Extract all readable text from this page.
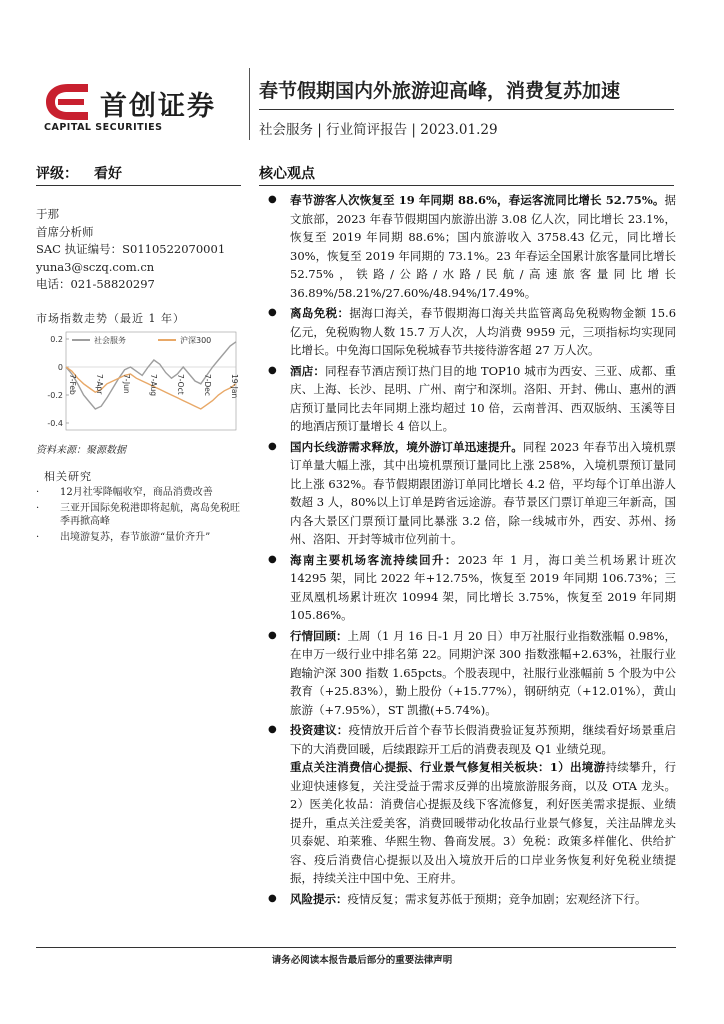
首创证券
CAPITAL SECURITIES
春节假期国内外旅游迎高峰，消费复苏加速
社会服务 | 行业简评报告 | 2023.01.29
评级： 看好
于那
首席分析师
SAC 执证编号：S0110522070001
yuna3@sczq.com.cn
电话：021-58820297
市场指数走势（最近 1 年）
0.2
0
-0.2
-0.4
7-Feb 7-Apr 7-Jun 7-Aug 7-Oct 7-Dec 19-Jan
社会服务	沪深300
资料来源：聚源数据
相关研究
· 12月社零降幅收窄，商品消费改善
· 三亚开国际免税港即将起航，离岛免税旺季再掀高峰
· 出境游复苏，春节旅游“量价齐升”
核心观点
● 春节游客人次恢复至 19 年同期 88.6%，春运客流同比增长 52.75%。据文旅部，2023 年春节假期国内旅游出游 3.08 亿人次，同比增长 23.1%，恢复至 2019 年同期 88.6%；国内旅游收入 3758.43 亿元，同比增长 30%，恢复至 2019 年同期的 73.1%。23 年春运全国累计旅客量同比增长 52.75%，铁路/公路/水路/民航/高速旅客量同比增长 36.89%/58.21%/27.60%/48.94%/17.49%。
● 离岛免税：据海口海关，春节假期海口海关共监管离岛免税购物金额 15.6 亿元，免税购物人数 15.7 万人次，人均消费 9959 元，三项指标均实现同比增长。中免海口国际免税城春节共接待游客超 27 万人次。
● 酒店：同程春节酒店预订热门目的地 TOP10 城市为西安、三亚、成都、重庆、上海、长沙、昆明、广州、南宁和深圳。洛阳、开封、佛山、惠州的酒店预订量同比去年同期上涨均超过 10 倍，云南普洱、西双版纳、玉溪等目的地酒店预订量增长 4 倍以上。
● 国内长线游需求释放，境外游订单迅速提升。同程 2023 年春节出入境机票订单量大幅上涨，其中出境机票预订量同比上涨 258%，入境机票预订量同比上涨 632%。春节假期跟团游订单同比增长 4.2 倍，平均每个订单出游人数超 3 人，80%以上订单是跨省远途游。春节景区门票订单迎三年新高，国内各大景区门票预订量同比暴涨 3.2 倍，除一线城市外，西安、苏州、扬州、洛阳、开封等城市位列前十。
● 海南主要机场客流持续回升：2023 年 1 月，海口美兰机场累计班次 14295 架，同比 2022 年+12.75%，恢复至 2019 年同期 106.73%；三亚凤凰机场累计班次 10994 架，同比增长 3.75%，恢复至 2019 年同期 105.86%。
● 行情回顾：上周（1 月 16 日-1 月 20 日）申万社服行业指数涨幅 0.98%，在申万一级行业中排名第 22。同期沪深 300 指数涨幅+2.63%，社服行业跑输沪深 300 指数 1.65pcts。个股表现中，社服行业涨幅前 5 个股为中公教育（+25.83%），勤上股份（+15.77%），钢研纳克（+12.01%），黄山旅游（+7.95%），ST 凯撒(+5.74%)。
● 投资建议：疫情放开后首个春节长假消费验证复苏预期，继续看好场景重启下的大消费回暖，后续跟踪开工后的消费表现及 Q1 业绩兑现。
重点关注消费信心提振、行业景气修复相关板块：1）出境游持续攀升，行业迎快速修复，关注受益于需求反弹的出境旅游服务商，以及 OTA 龙头。2）医美化妆品：消费信心提振及线下客流修复，利好医美需求提振、业绩提升，重点关注爱美客，消费回暖带动化妆品行业景气修复，关注品牌龙头贝泰妮、珀莱雅、华熙生物、鲁商发展。3）免税：政策多样催化、供给扩容、疫后消费信心提振以及出入境放开后的口岸业务恢复利好免税业绩提振，持续关注中国中免、王府井。
● 风险提示：疫情反复；需求复苏低于预期；竞争加剧；宏观经济下行。
请务必阅读本报告最后部分的重要法律声明
